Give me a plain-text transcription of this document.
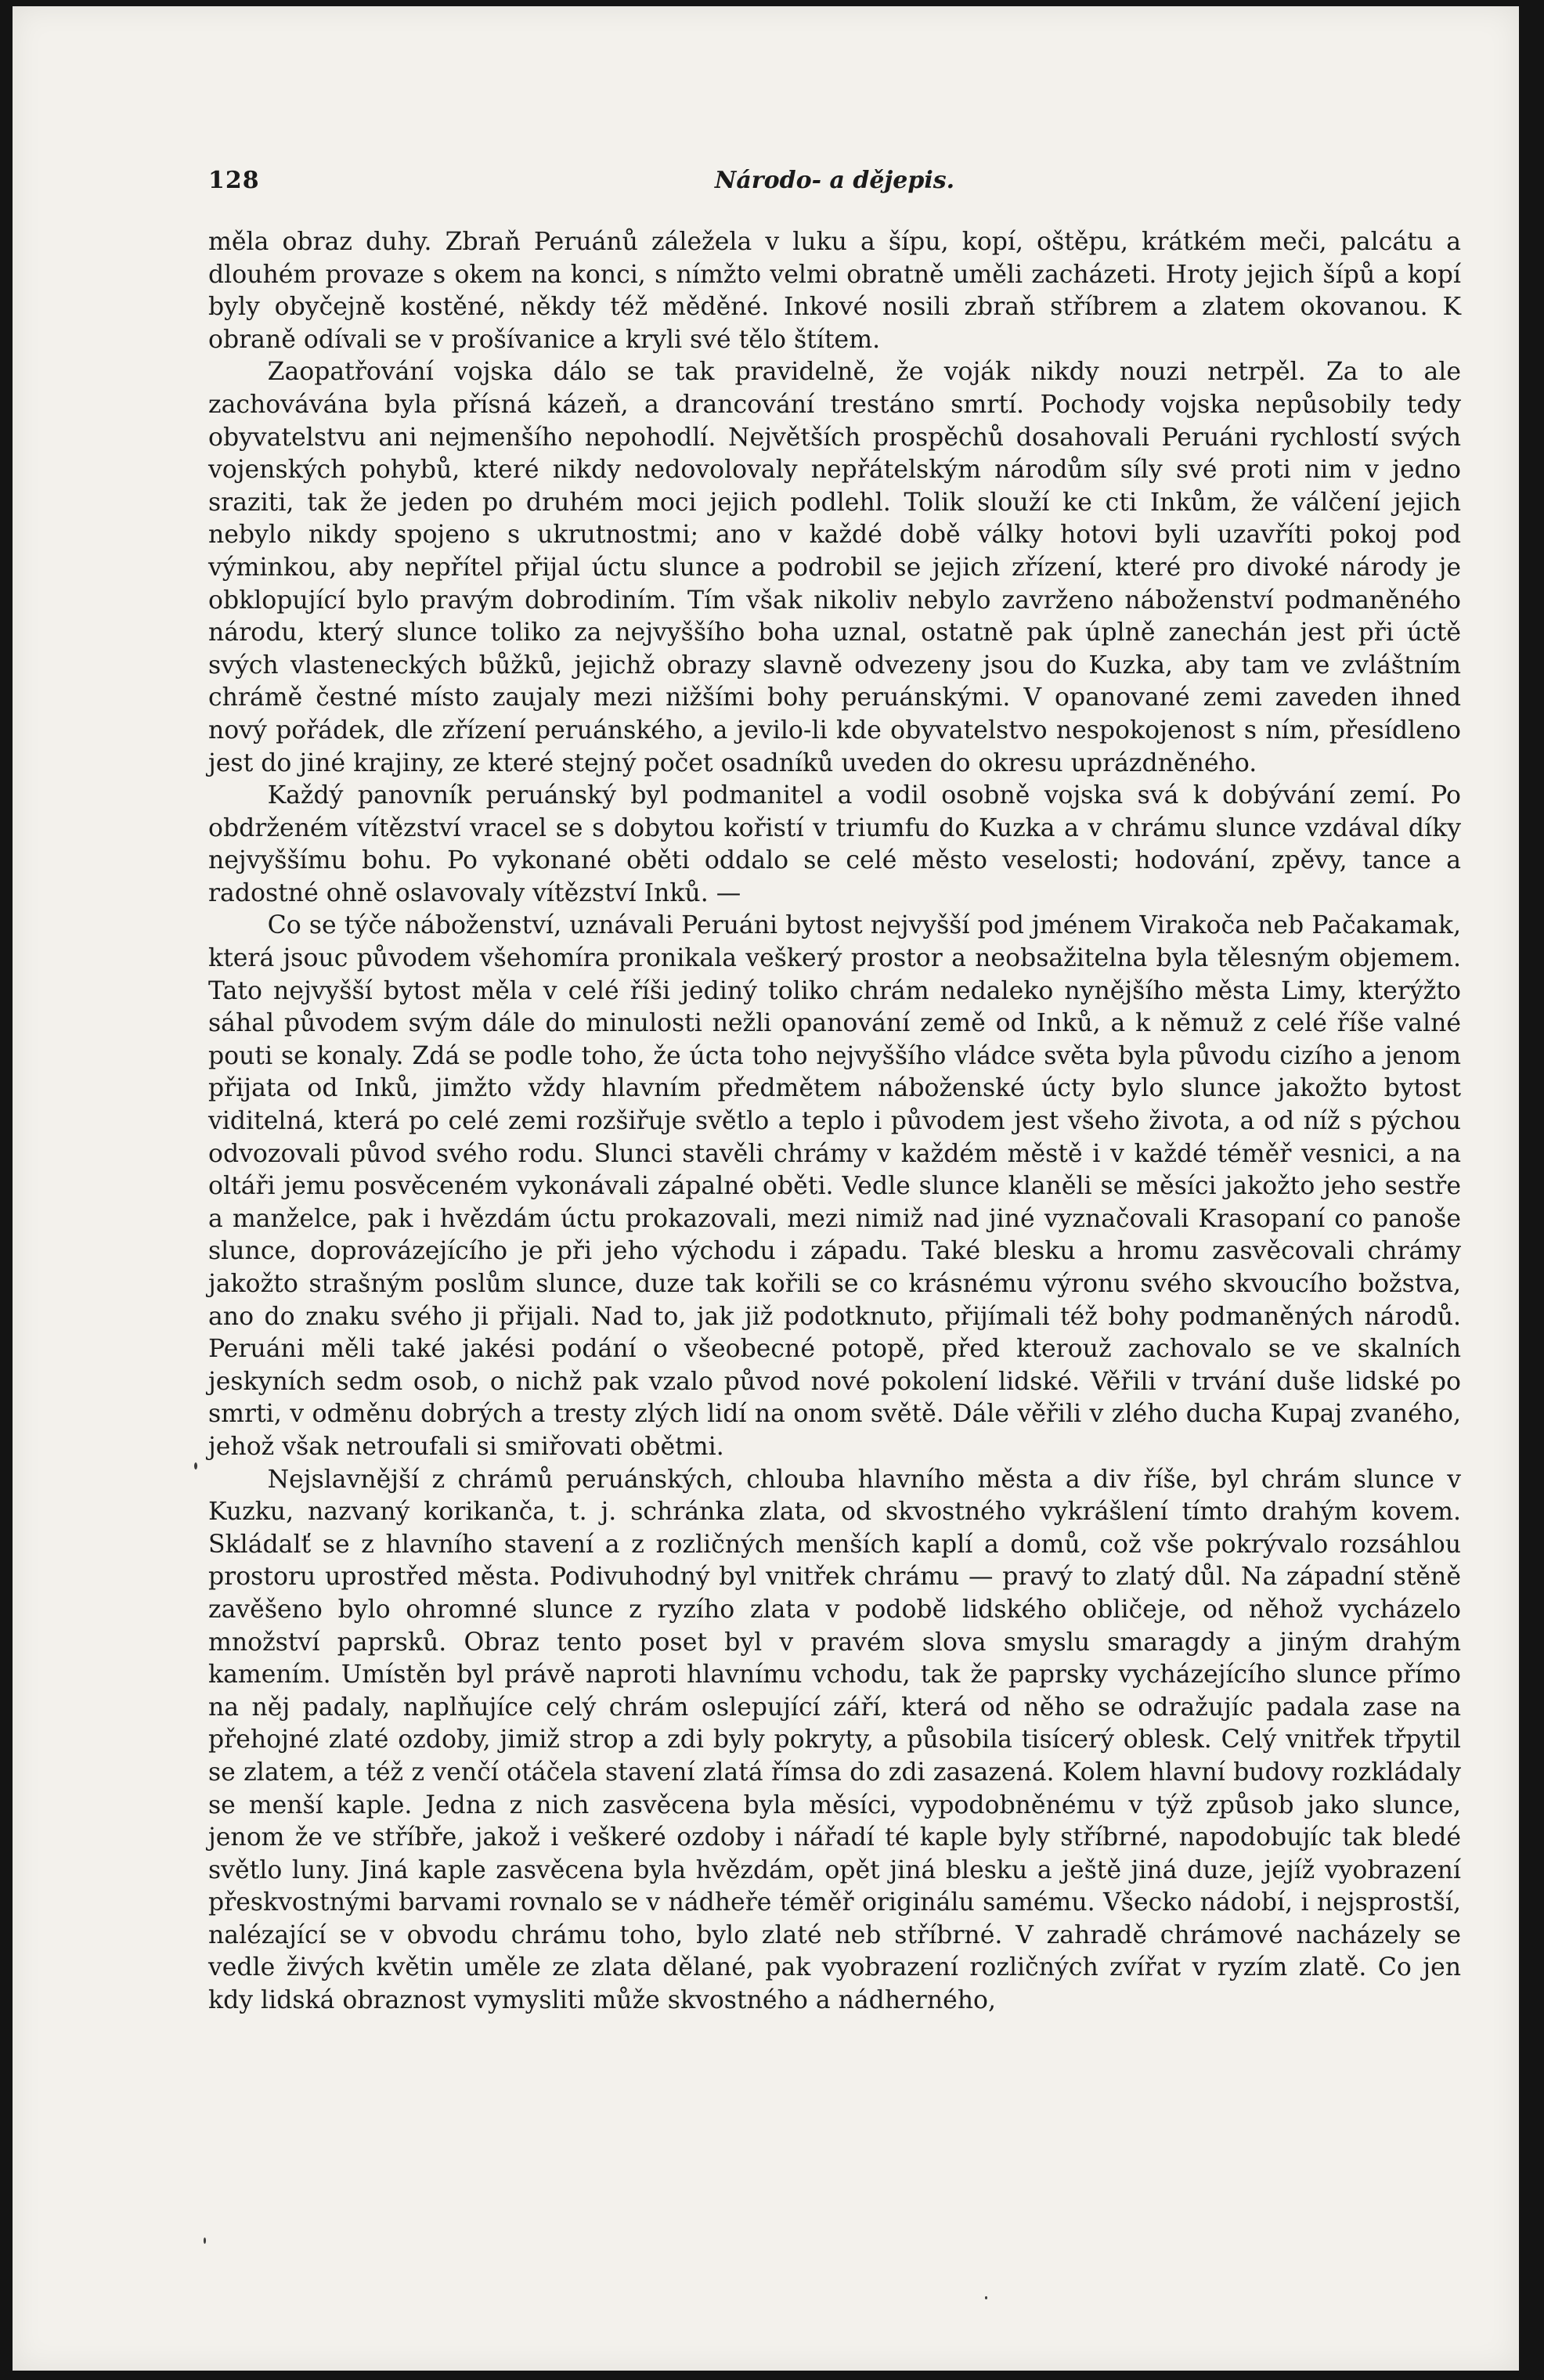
128	Národo- a dějepis.

měla obraz duhy. Zbraň Peruánů záležela v luku a šípu, kopí, oštěpu, krátkém meči, palcátu a dlouhém provaze s okem na konci, s nímžto velmi obratně uměli zacházeti. Hroty jejich šípů a kopí byly obyčejně kostěné, někdy též měděné. Inkové nosili zbraň stříbrem a zlatem okovanou. K obraně odívali se v prošívanice a kryli své tělo štítem.

Zaopatřování vojska dálo se tak pravidelně, že voják nikdy nouzi netrpěl. Za to ale zachovávána byla přísná kázeň, a drancování trestáno smrtí. Pochody vojska nepůsobily tedy obyvatelstvu ani nejmenšího nepohodlí. Největších prospěchů dosahovali Peruáni rychlostí svých vojenských pohybů, které nikdy nedovolovaly nepřátelským národům síly své proti nim v jedno sraziti, tak že jeden po druhém moci jejich podlehl. Tolik slouží ke cti Inkům, že válčení jejich nebylo nikdy spojeno s ukrutnostmi; ano v každé době války hotovi byli uzavříti pokoj pod výminkou, aby nepřítel přijal úctu slunce a podrobil se jejich zřízení, které pro divoké národy je obklopující bylo pravým dobrodiním. Tím však nikoliv nebylo zavrženo náboženství podmaněného národu, který slunce toliko za nejvyššího boha uznal, ostatně pak úplně zanechán jest při úctě svých vlasteneckých bůžků, jejichž obrazy slavně odvezeny jsou do Kuzka, aby tam ve zvláštním chrámě čestné místo zaujaly mezi nižšími bohy peruánskými. V opanované zemi zaveden ihned nový pořádek, dle zřízení peruánského, a jevilo-li kde obyvatelstvo nespokojenost s ním, přesídleno jest do jiné krajiny, ze které stejný počet osadníků uveden do okresu uprázdněného.

Každý panovník peruánský byl podmanitel a vodil osobně vojska svá k dobývání zemí. Po obdrženém vítězství vracel se s dobytou kořistí v triumfu do Kuzka a v chrámu slunce vzdával díky nejvyššímu bohu. Po vykonané oběti oddalo se celé město veselosti; hodování, zpěvy, tance a radostné ohně oslavovaly vítězství Inků. —

Co se týče náboženství, uznávali Peruáni bytost nejvyšší pod jménem Virakoča neb Pačakamak, která jsouc původem všehomíra pronikala veškerý prostor a neobsažitelna byla tělesným objemem. Tato nejvyšší bytost měla v celé říši jediný toliko chrám nedaleko nynějšího města Limy, kterýžto sáhal původem svým dále do minulosti nežli opanování země od Inků, a k němuž z celé říše valné pouti se konaly. Zdá se podle toho, že úcta toho nejvyššího vládce světa byla původu cizího a jenom přijata od Inků, jimžto vždy hlavním předmětem náboženské úcty bylo slunce jakožto bytost viditelná, která po celé zemi rozšiřuje světlo a teplo i původem jest všeho života, a od níž s pýchou odvozovali původ svého rodu. Slunci stavěli chrámy v každém městě i v každé téměř vesnici, a na oltáři jemu posvěceném vykonávali zápalné oběti. Vedle slunce klaněli se měsíci jakožto jeho sestře a manželce, pak i hvězdám úctu prokazovali, mezi nimiž nad jiné vyznačovali Krasopaní co panoše slunce, doprovázejícího je při jeho východu i západu. Také blesku a hromu zasvěcovali chrámy jakožto strašným poslům slunce, duze tak kořili se co krásnému výronu svého skvoucího božstva, ano do znaku svého ji přijali. Nad to, jak již podotknuto, přijímali též bohy podmaněných národů. Peruáni měli také jakési podání o všeobecné potopě, před kterouž zachovalo se ve skalních jeskyních sedm osob, o nichž pak vzalo původ nové pokolení lidské. Věřili v trvání duše lidské po smrti, v odměnu dobrých a tresty zlých lidí na onom světě. Dále věřili v zlého ducha Kupaj zvaného, jehož však netroufali si smiřovati obětmi.

Nejslavnější z chrámů peruánských, chlouba hlavního města a div říše, byl chrám slunce v Kuzku, nazvaný korikanča, t. j. schránka zlata, od skvostného vykrášlení tímto drahým kovem. Skládalť se z hlavního stavení a z rozličných menších kaplí a domů, což vše pokrývalo rozsáhlou prostoru uprostřed města. Podivuhodný byl vnitřek chrámu — pravý to zlatý důl. Na západní stěně zavěšeno bylo ohromné slunce z ryzího zlata v podobě lidského obličeje, od něhož vycházelo množství paprsků. Obraz tento poset byl v pravém slova smyslu smaragdy a jiným drahým kamením. Umístěn byl právě naproti hlavnímu vchodu, tak že paprsky vycházejícího slunce přímo na něj padaly, naplňujíce celý chrám oslepující září, která od něho se odražujíc padala zase na přehojné zlaté ozdoby, jimiž strop a zdi byly pokryty, a působila tisícerý oblesk. Celý vnitřek třpytil se zlatem, a též z venčí otáčela stavení zlatá římsa do zdi zasazená. Kolem hlavní budovy rozkládaly se menší kaple. Jedna z nich zasvěcena byla měsíci, vypodobněnému v týž způsob jako slunce, jenom že ve stříbře, jakož i veškeré ozdoby i nářadí té kaple byly stříbrné, napodobujíc tak bledé světlo luny. Jiná kaple zasvěcena byla hvězdám, opět jiná blesku a ještě jiná duze, jejíž vyobrazení přeskvostnými barvami rovnalo se v nádheře téměř originálu samému. Všecko nádobí, i nejsprostší, nalézající se v obvodu chrámu toho, bylo zlaté neb stříbrné. V zahradě chrámové nacházely se vedle živých květin uměle ze zlata dělané, pak vyobrazení rozličných zvířat v ryzím zlatě. Co jen kdy lidská obraznost vymysliti může skvostného a nádherného,
